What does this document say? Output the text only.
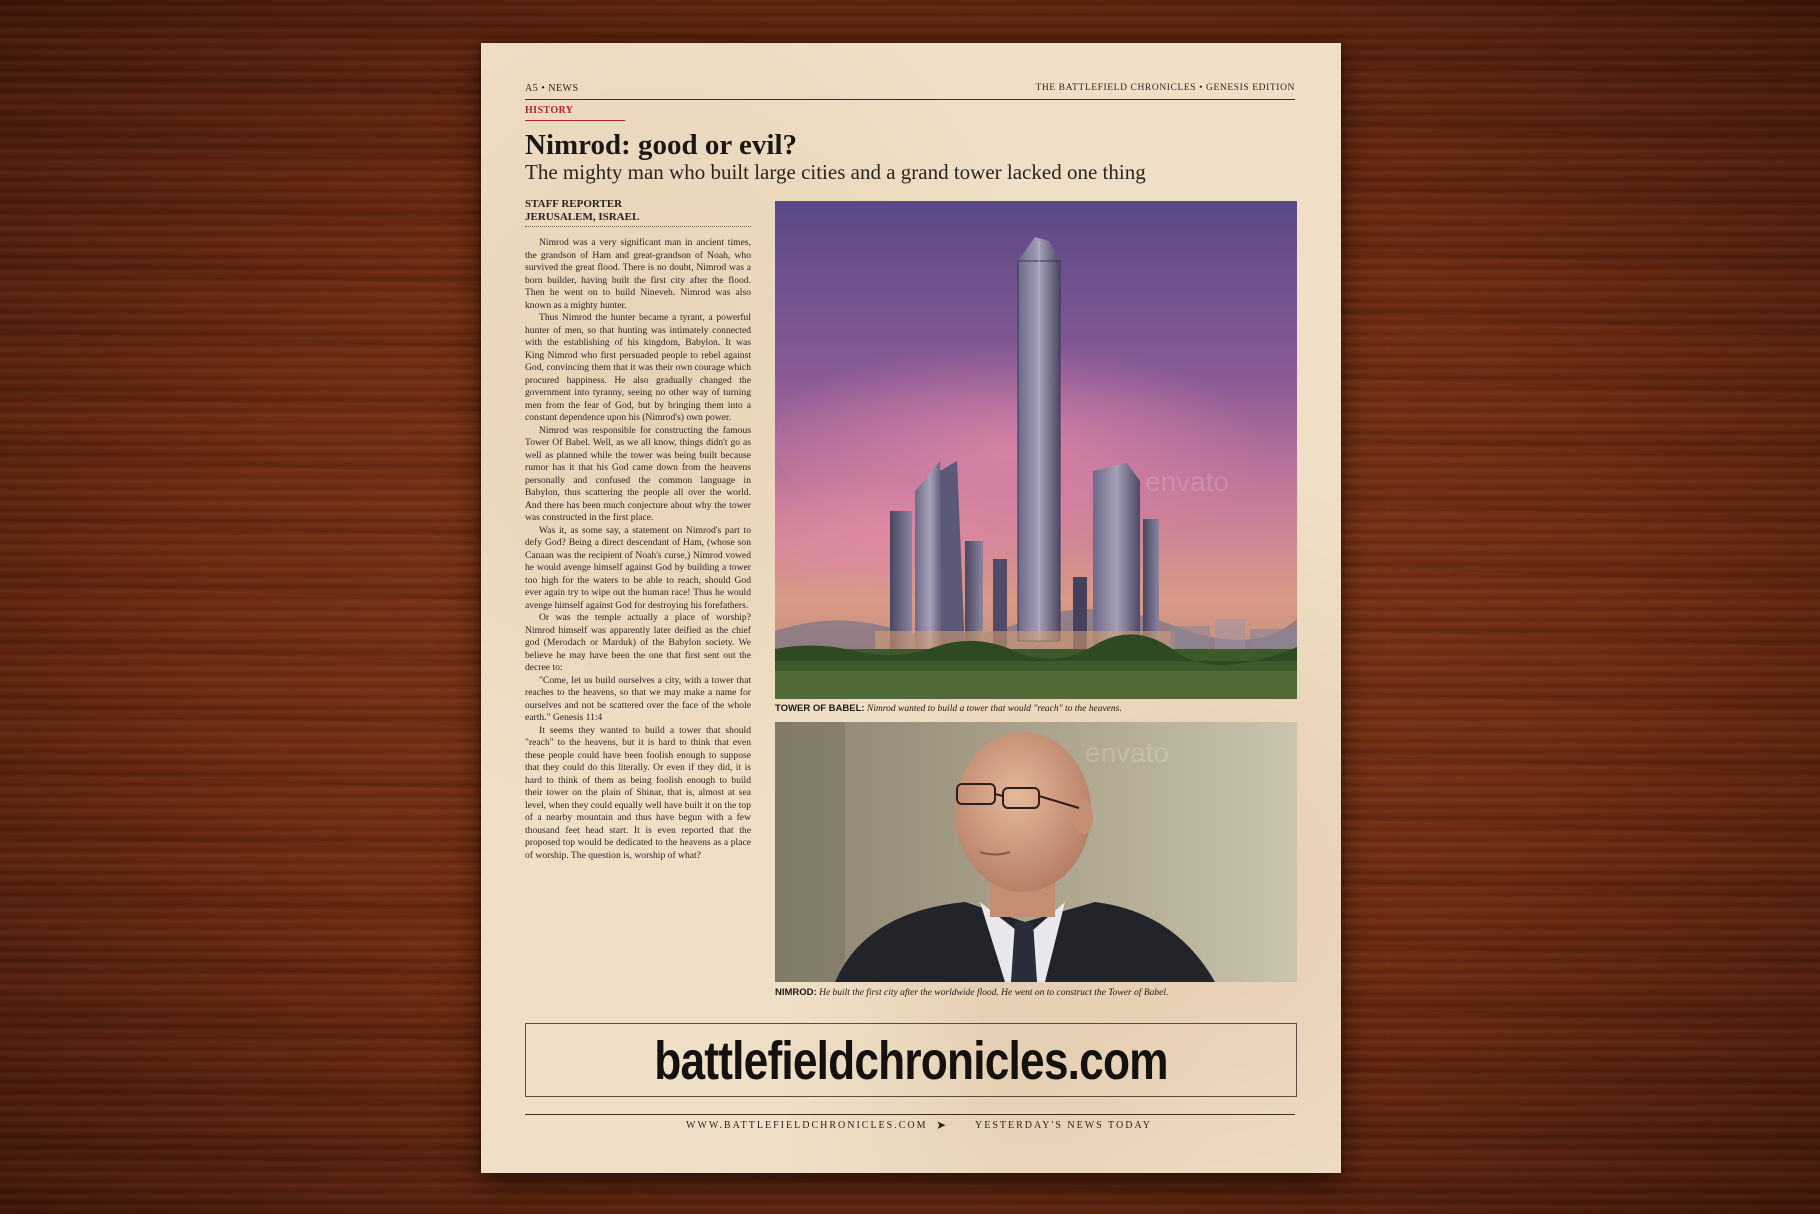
A5 • NEWS	THE BATTLEFIELD CHRONICLES • GENESIS EDITION
HISTORY
Nimrod: good or evil?
The mighty man who built large cities and a grand tower lacked one thing
STAFF REPORTER
JERUSALEM, ISRAEL

Nimrod was a very significant man in ancient times, the grandson of Ham and great-grandson of Noah, who survived the great flood. There is no doubt, Nimrod was a born builder, having built the first city after the flood. Then he went on to build Nineveh. Nimrod was also known as a mighty hunter.

Thus Nimrod the hunter became a tyrant, a powerful hunter of men, so that hunting was intimately connected with the establishing of his kingdom, Babylon. It was King Nimrod who first persuaded people to rebel against God, convincing them that it was their own courage which procured happiness. He also gradually changed the government into tyranny, seeing no other way of turning men from the fear of God, but by bringing them into a constant dependence upon his (Nimrod's) own power.

Nimrod was responsible for constructing the famous Tower Of Babel. Well, as we all know, things didn't go as well as planned while the tower was being built because rumor has it that his God came down from the heavens personally and confused the common language in Babylon, thus scattering the people all over the world. And there has been much conjecture about why the tower was constructed in the first place.

Was it, as some say, a statement on Nimrod's part to defy God? Being a direct descendant of Ham, (whose son Canaan was the recipient of Noah's curse,) Nimrod vowed he would avenge himself against God by building a tower too high for the waters to be able to reach, should God ever again try to wipe out the human race! Thus he would avenge himself against God for destroying his forefathers.

Or was the temple actually a place of worship? Nimrod himself was apparently later deified as the chief god (Merodach or Marduk) of the Babylon society. We believe he may have been the one that first sent out the decree to:

"Come, let us build ourselves a city, with a tower that reaches to the heavens, so that we may make a name for ourselves and not be scattered over the face of the whole earth." Genesis 11:4

It seems they wanted to build a tower that should "reach" to the heavens, but it is hard to think that even these people could have been foolish enough to suppose that they could do this literally. Or even if they did, it is hard to think of them as being foolish enough to build their tower on the plain of Shinar, that is, almost at sea level, when they could equally well have built it on the top of a nearby mountain and thus have begun with a few thousand feet head start. It is even reported that the proposed top would be dedicated to the heavens as a place of worship. The question is, worship of what?

envato
TOWER OF BABEL: Nimrod wanted to build a tower that would "reach" to the heavens.
envato
NIMROD: He built the first city after the worldwide flood. He went on to construct the Tower of Babel.
battlefieldchronicles.com
WWW.BATTLEFIELDCHRONICLES.COM ➤	YESTERDAY'S NEWS TODAY
